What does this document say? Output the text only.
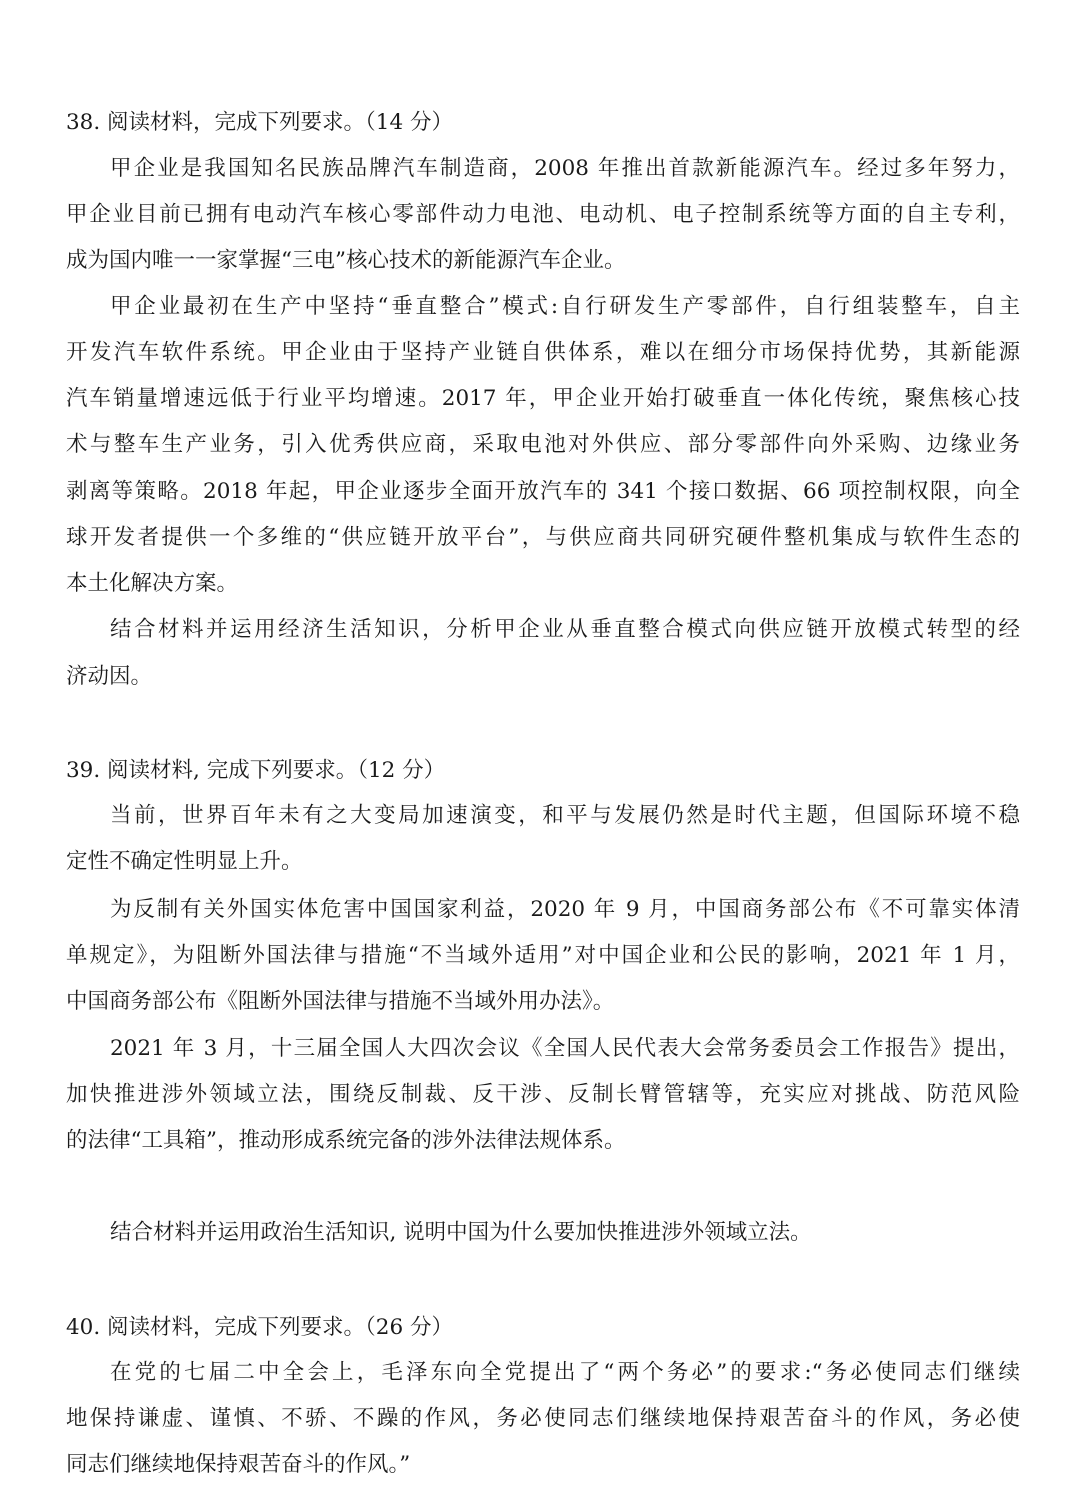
38. 阅读材料，完成下列要求。（14 分）
甲企业是我国知名民族品牌汽车制造商，2008 年推出首款新能源汽车。经过多年努力，
甲企业目前已拥有电动汽车核心零部件动力电池、电动机、电子控制系统等方面的自主专利，
成为国内唯一一家掌握“三电”核心技术的新能源汽车企业。
甲企业最初在生产中坚持“垂直整合”模式:自行研发生产零部件，自行组装整车，自主
开发汽车软件系统。甲企业由于坚持产业链自供体系，难以在细分市场保持优势，其新能源
汽车销量增速远低于行业平均增速。2017 年，甲企业开始打破垂直一体化传统，聚焦核心技
术与整车生产业务，引入优秀供应商，采取电池对外供应、部分零部件向外采购、边缘业务
剥离等策略。2018 年起，甲企业逐步全面开放汽车的 341 个接口数据、66 项控制权限，向全
球开发者提供一个多维的“供应链开放平台”，与供应商共同研究硬件整机集成与软件生态的
本土化解决方案。
结合材料并运用经济生活知识，分析甲企业从垂直整合模式向供应链开放模式转型的经
济动因。
39. 阅读材料, 完成下列要求。（12 分）
当前，世界百年未有之大变局加速演变，和平与发展仍然是时代主题，但国际环境不稳
定性不确定性明显上升。
为反制有关外国实体危害中国国家利益，2020 年 9 月，中国商务部公布《不可靠实体清
单规定》，为阻断外国法律与措施“不当域外适用”对中国企业和公民的影响，2021 年 1 月，
中国商务部公布《阻断外国法律与措施不当域外用办法》。
2021 年 3 月，十三届全国人大四次会议《全国人民代表大会常务委员会工作报告》提出，
加快推进涉外领域立法，围绕反制裁、反干涉、反制长臂管辖等，充实应对挑战、防范风险
的法律“工具箱”，推动形成系统完备的涉外法律法规体系。
结合材料并运用政治生活知识, 说明中国为什么要加快推进涉外领域立法。
40. 阅读材料，完成下列要求。（26 分）
在党的七届二中全会上，毛泽东向全党提出了“两个务必”的要求:“务必使同志们继续
地保持谦虚、谨慎、不骄、不躁的作风，务必使同志们继续地保持艰苦奋斗的作风，务必使
同志们继续地保持艰苦奋斗的作风。”
